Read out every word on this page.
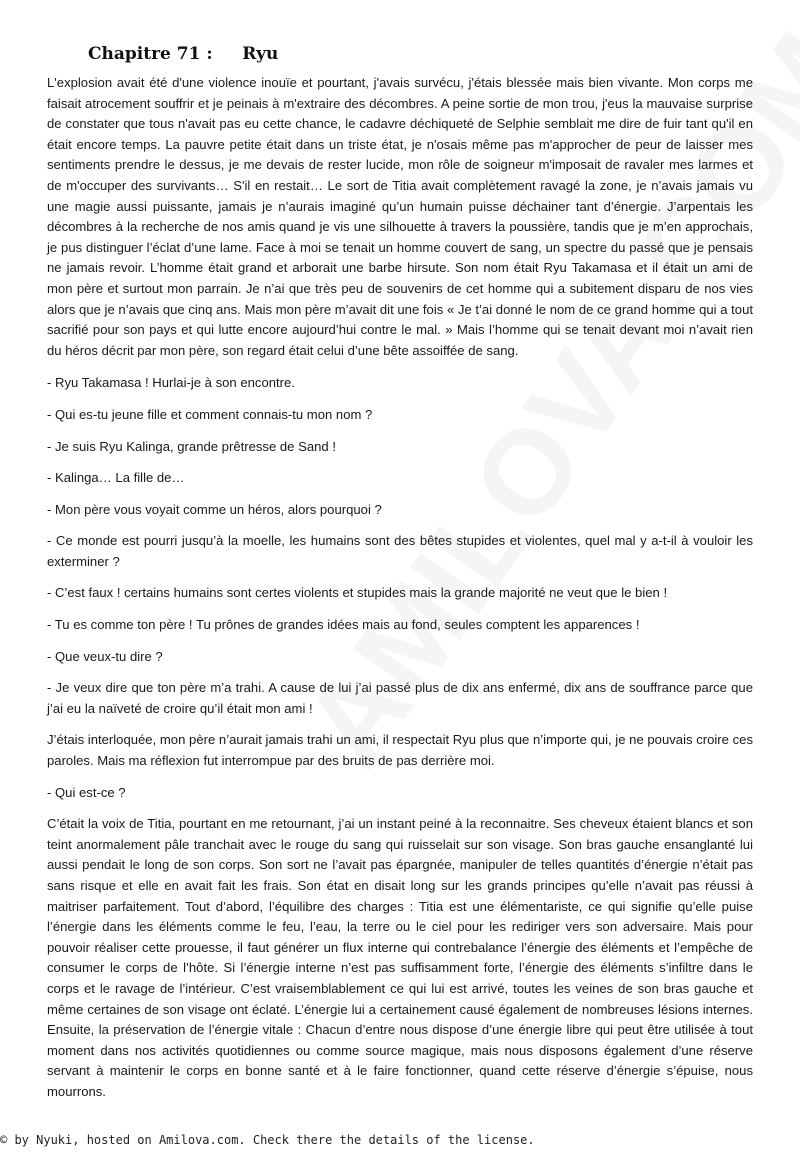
Chapitre 71 :     Ryu

L'explosion avait été d'une violence inouïe et pourtant, j'avais survécu, j'étais blessée mais bien vivante. Mon corps me faisait atrocement souffrir et je peinais à m'extraire des décombres. A peine sortie de mon trou, j'eus la mauvaise surprise de constater que tous n'avait pas eu cette chance, le cadavre déchiqueté de Selphie semblait me dire de fuir tant qu'il en était encore temps. La pauvre petite était dans un triste état, je n'osais même pas m'approcher de peur de laisser mes sentiments prendre le dessus, je me devais de rester lucide, mon rôle de soigneur m'imposait de ravaler mes larmes et de m'occuper des survivants… S'il en restait… Le sort de Titia avait complètement ravagé la zone, je n’avais jamais vu une magie aussi puissante, jamais je n’aurais imaginé qu’un humain puisse déchainer tant d’énergie. J’arpentais les décombres à la recherche de nos amis quand je vis une silhouette à travers la poussière, tandis que je m’en approchais, je pus distinguer l’éclat d’une lame. Face à moi se tenait un homme couvert de sang, un spectre du passé que je pensais ne jamais revoir. L’homme était grand et arborait une barbe hirsute. Son nom était Ryu Takamasa et il était un ami de mon père et surtout mon parrain. Je n’ai que très peu de souvenirs de cet homme qui a subitement disparu de nos vies alors que je n’avais que cinq ans. Mais mon père m’avait dit une fois « Je t’ai donné le nom de ce grand homme qui a tout sacrifié pour son pays et qui lutte encore aujourd’hui contre le mal. » Mais l’homme qui se tenait devant moi n’avait rien du héros décrit par mon père, son regard était celui d’une bête assoiffée de sang.

- Ryu Takamasa ! Hurlai-je à son encontre.

- Qui es-tu jeune fille et comment connais-tu mon nom ?

- Je suis Ryu Kalinga, grande prêtresse de Sand !

- Kalinga… La fille de…

- Mon père vous voyait comme un héros, alors pourquoi ?

- Ce monde est pourri jusqu’à la moelle, les humains sont des bêtes stupides et violentes, quel mal y a-t-il à vouloir les exterminer ?

- C’est faux ! certains humains sont certes violents et stupides mais la grande majorité ne veut que le bien !

- Tu es comme ton père ! Tu prônes de grandes idées mais au fond, seules comptent les apparences !

- Que veux-tu dire ?

- Je veux dire que ton père m’a trahi. A cause de lui j’ai passé plus de dix ans enfermé, dix ans de souffrance parce que j’ai eu la naïveté de croire qu’il était mon ami !

J’étais interloquée, mon père n’aurait jamais trahi un ami, il respectait Ryu plus que n’importe qui, je ne pouvais croire ces paroles. Mais ma réflexion fut interrompue par des bruits de pas derrière moi.

- Qui est-ce ?

C’était la voix de Titia, pourtant en me retournant, j’ai un instant peiné à la reconnaitre. Ses cheveux étaient blancs et son teint anormalement pâle tranchait avec le rouge du sang qui ruisselait sur son visage. Son bras gauche ensanglanté lui aussi pendait le long de son corps. Son sort ne l’avait pas épargnée, manipuler de telles quantités d’énergie n’était pas sans risque et elle en avait fait les frais. Son état en disait long sur les grands principes qu’elle n’avait pas réussi à maitriser parfaitement. Tout d’abord, l’équilibre des charges : Titia est une élémentariste, ce qui signifie qu’elle puise l’énergie dans les éléments comme le feu, l’eau, la terre ou le ciel pour les rediriger vers son adversaire. Mais pour pouvoir réaliser cette prouesse, il faut générer un flux interne qui contrebalance l’énergie des éléments et l’empêche de consumer le corps de l’hôte. Si l’énergie interne n’est pas suffisamment forte, l’énergie des éléments s’infiltre dans le corps et le ravage de l’intérieur. C’est vraisemblablement ce qui lui est arrivé, toutes les veines de son bras gauche et même certaines de son visage ont éclaté. L’énergie lui a certainement causé également de nombreuses lésions internes. Ensuite, la préservation de l’énergie vitale : Chacun d’entre nous dispose d’une énergie libre qui peut être utilisée à tout moment dans nos activités quotidiennes ou comme source magique, mais nous disposons également d’une réserve servant à maintenir le corps en bonne santé et à le faire fonctionner, quand cette réserve d’énergie s’épuise, nous mourrons.

© by Nyuki, hosted on Amilova.com. Check there the details of the license.
